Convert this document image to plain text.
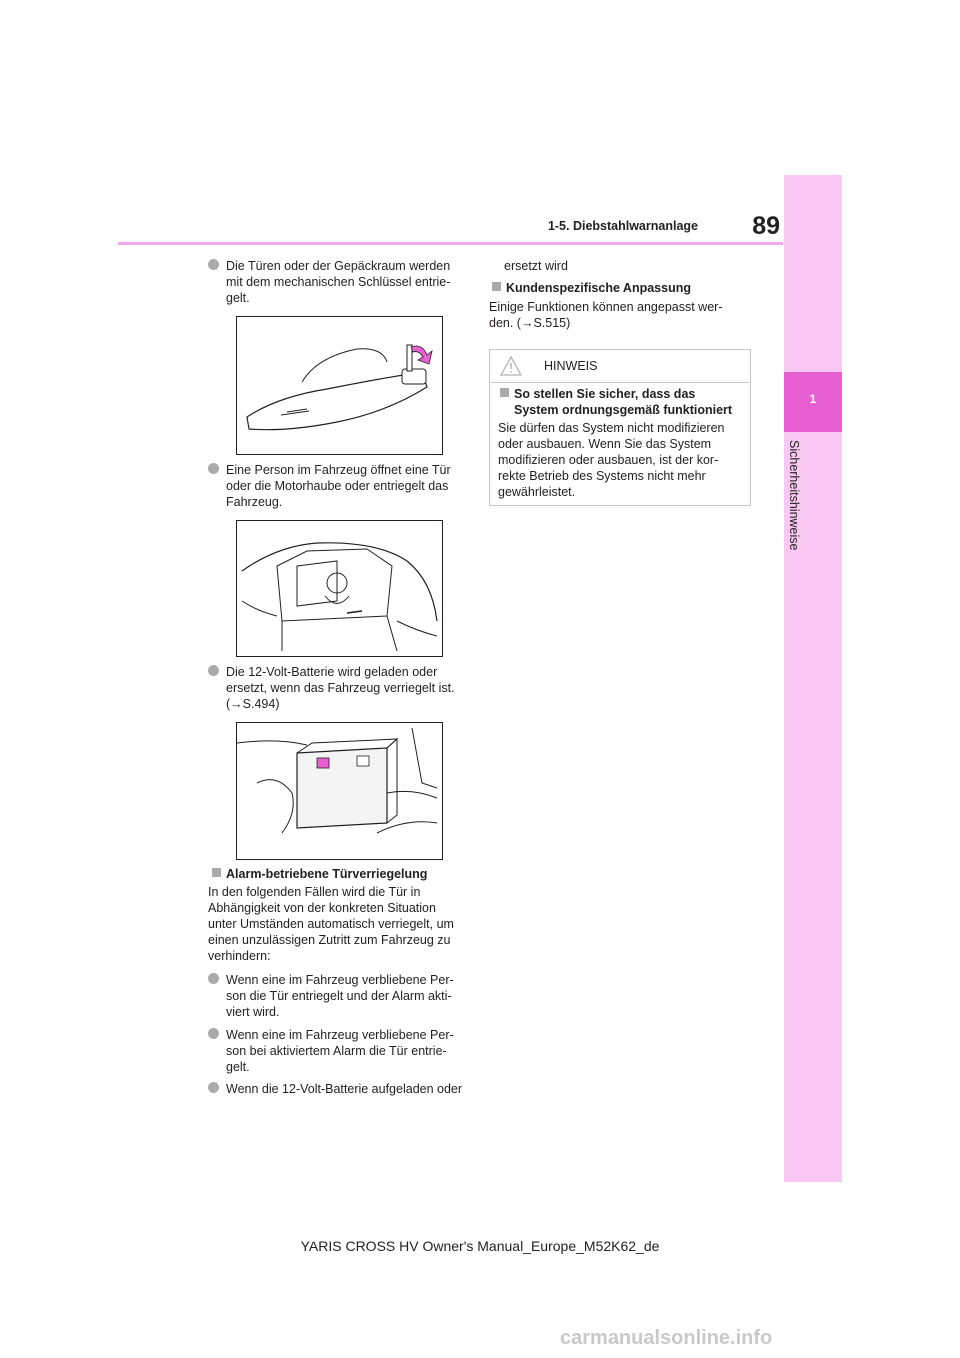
1-5. Diebstahlwarnanlage	89
1
Sicherheitshinweise
Die Türen oder der Gepäckraum werden
mit dem mechanischen Schlüssel entrie-
gelt.
Eine Person im Fahrzeug öffnet eine Tür
oder die Motorhaube oder entriegelt das
Fahrzeug.
Die 12-Volt-Batterie wird geladen oder
ersetzt, wenn das Fahrzeug verriegelt ist.
(→S.494)
Alarm-betriebene Türverriegelung
In den folgenden Fällen wird die Tür in
Abhängigkeit von der konkreten Situation
unter Umständen automatisch verriegelt, um
einen unzulässigen Zutritt zum Fahrzeug zu
verhindern:
Wenn eine im Fahrzeug verbliebene Per-
son die Tür entriegelt und der Alarm akti-
viert wird.
Wenn eine im Fahrzeug verbliebene Per-
son bei aktiviertem Alarm die Tür entrie-
gelt.
Wenn die 12-Volt-Batterie aufgeladen oder
ersetzt wird
Kundenspezifische Anpassung
Einige Funktionen können angepasst wer-
den. (→S.515)
HINWEIS
So stellen Sie sicher, dass das
System ordnungsgemäß funktioniert
Sie dürfen das System nicht modifizieren
oder ausbauen. Wenn Sie das System
modifizieren oder ausbauen, ist der kor-
rekte Betrieb des Systems nicht mehr
gewährleistet.
YARIS CROSS HV Owner's Manual_Europe_M52K62_de
carmanualsonline.info
